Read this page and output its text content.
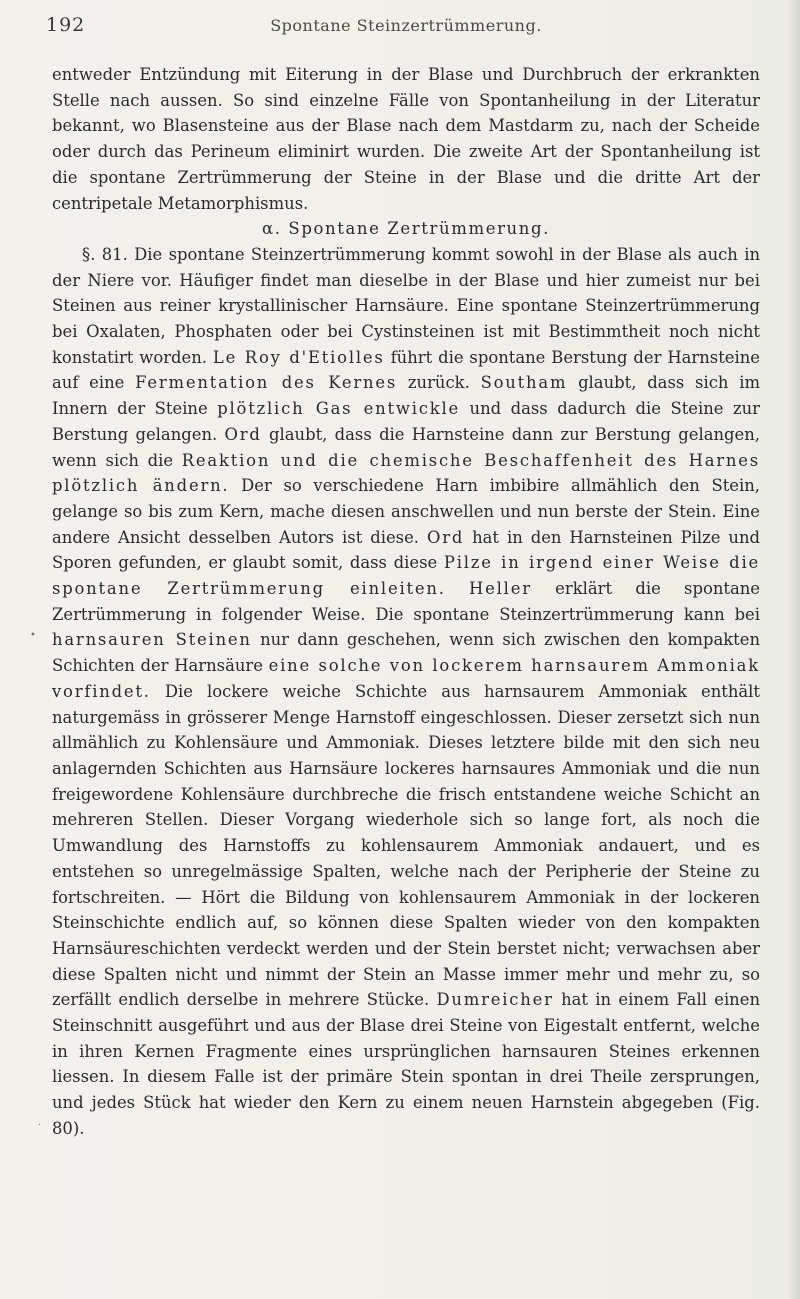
192	Spontane Steinzertrümmerung.

entweder Entzündung mit Eiterung in der Blase und Durchbruch der erkrankten Stelle nach aussen. So sind einzelne Fälle von Spontanheilung in der Literatur bekannt, wo Blasensteine aus der Blase nach dem Mastdarm zu, nach der Scheide oder durch das Perineum eliminirt wurden. Die zweite Art der Spontanheilung ist die spontane Zertrümmerung der Steine in der Blase und die dritte Art der centripetale Metamorphismus.

α. Spontane Zertrümmerung.

§. 81. Die spontane Steinzertrümmerung kommt sowohl in der Blase als auch in der Niere vor. Häufiger findet man dieselbe in der Blase und hier zumeist nur bei Steinen aus reiner krystallinischer Harnsäure. Eine spontane Steinzertrümmerung bei Oxalaten, Phosphaten oder bei Cystinsteinen ist mit Bestimmtheit noch nicht konstatirt worden. Le Roy d'Etiolles führt die spontane Berstung der Harnsteine auf eine Fermentation des Kernes zurück. Southam glaubt, dass sich im Innern der Steine plötzlich Gas entwickle und dass dadurch die Steine zur Berstung gelangen. Ord glaubt, dass die Harnsteine dann zur Berstung gelangen, wenn sich die Reaktion und die chemische Beschaffenheit des Harnes plötzlich ändern. Der so verschiedene Harn imbibire allmählich den Stein, gelange so bis zum Kern, mache diesen anschwellen und nun berste der Stein. Eine andere Ansicht desselben Autors ist diese. Ord hat in den Harnsteinen Pilze und Sporen gefunden, er glaubt somit, dass diese Pilze in irgend einer Weise die spontane Zertrümmerung einleiten. Heller erklärt die spontane Zertrümmerung in folgender Weise. Die spontane Steinzertrümmerung kann bei harnsauren Steinen nur dann geschehen, wenn sich zwischen den kompakten Schichten der Harnsäure eine solche von lockerem harnsaurem Ammoniak vorfindet. Die lockere weiche Schichte aus harnsaurem Ammoniak enthält naturgemäss in grösserer Menge Harnstoff eingeschlossen. Dieser zersetzt sich nun allmählich zu Kohlensäure und Ammoniak. Dieses letztere bilde mit den sich neu anlagernden Schichten aus Harnsäure lockeres harnsaures Ammoniak und die nun freigewordene Kohlensäure durchbreche die frisch entstandene weiche Schicht an mehreren Stellen. Dieser Vorgang wiederhole sich so lange fort, als noch die Umwandlung des Harnstoffs zu kohlensaurem Ammoniak andauert, und es entstehen so unregelmässige Spalten, welche nach der Peripherie der Steine zu fortschreiten. — Hört die Bildung von kohlensaurem Ammoniak in der lockeren Steinschichte endlich auf, so können diese Spalten wieder von den kompakten Harnsäureschichten verdeckt werden und der Stein berstet nicht; verwachsen aber diese Spalten nicht und nimmt der Stein an Masse immer mehr und mehr zu, so zerfällt endlich derselbe in mehrere Stücke. Dumreicher hat in einem Fall einen Steinschnitt ausgeführt und aus der Blase drei Steine von Eigestalt entfernt, welche in ihren Kernen Fragmente eines ursprünglichen harnsauren Steines erkennen liessen. In diesem Falle ist der primäre Stein spontan in drei Theile zersprungen, und jedes Stück hat wieder den Kern zu einem neuen Harnstein abgegeben (Fig. 80).

•
·
